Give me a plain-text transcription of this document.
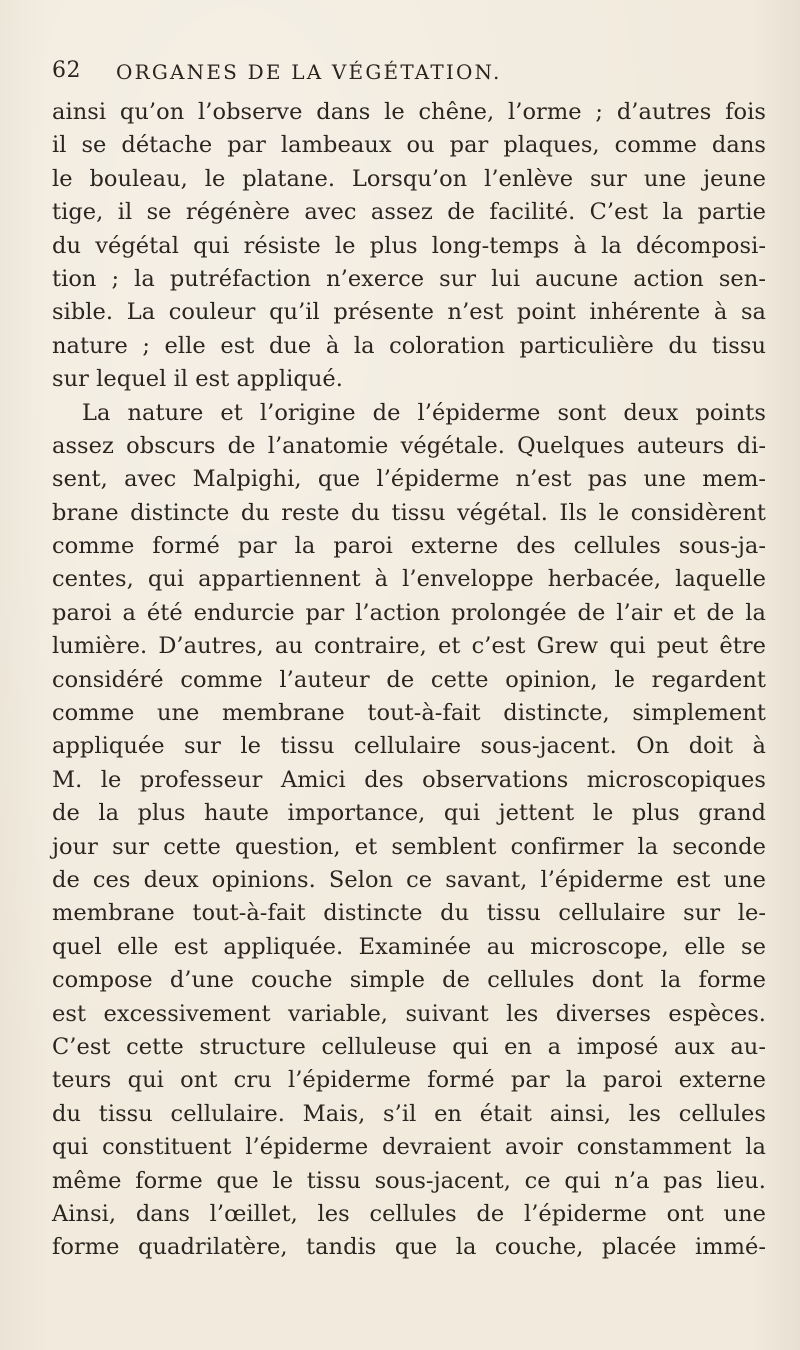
62 ORGANES DE LA VÉGÉTATION.
ainsi qu’on l’observe dans le chêne, l’orme ; d’autres fois
il se détache par lambeaux ou par plaques, comme dans
le bouleau, le platane. Lorsqu’on l’enlève sur une jeune
tige, il se régénère avec assez de facilité. C’est la partie
du végétal qui résiste le plus long-temps à la décomposi-
tion ; la putréfaction n’exerce sur lui aucune action sen-
sible. La couleur qu’il présente n’est point inhérente à sa
nature ; elle est due à la coloration particulière du tissu
sur lequel il est appliqué.
La nature et l’origine de l’épiderme sont deux points
assez obscurs de l’anatomie végétale. Quelques auteurs di-
sent, avec Malpighi, que l’épiderme n’est pas une mem-
brane distincte du reste du tissu végétal. Ils le considèrent
comme formé par la paroi externe des cellules sous-ja-
centes, qui appartiennent à l’enveloppe herbacée, laquelle
paroi a été endurcie par l’action prolongée de l’air et de la
lumière. D’autres, au contraire, et c’est Grew qui peut être
considéré comme l’auteur de cette opinion, le regardent
comme une membrane tout-à-fait distincte, simplement
appliquée sur le tissu cellulaire sous-jacent. On doit à
M. le professeur Amici des observations microscopiques
de la plus haute importance, qui jettent le plus grand
jour sur cette question, et semblent confirmer la seconde
de ces deux opinions. Selon ce savant, l’épiderme est une
membrane tout-à-fait distincte du tissu cellulaire sur le-
quel elle est appliquée. Examinée au microscope, elle se
compose d’une couche simple de cellules dont la forme
est excessivement variable, suivant les diverses espèces.
C’est cette structure celluleuse qui en a imposé aux au-
teurs qui ont cru l’épiderme formé par la paroi externe
du tissu cellulaire. Mais, s’il en était ainsi, les cellules
qui constituent l’épiderme devraient avoir constamment la
même forme que le tissu sous-jacent, ce qui n’a pas lieu.
Ainsi, dans l’œillet, les cellules de l’épiderme ont une
forme quadrilatère, tandis que la couche, placée immé-
